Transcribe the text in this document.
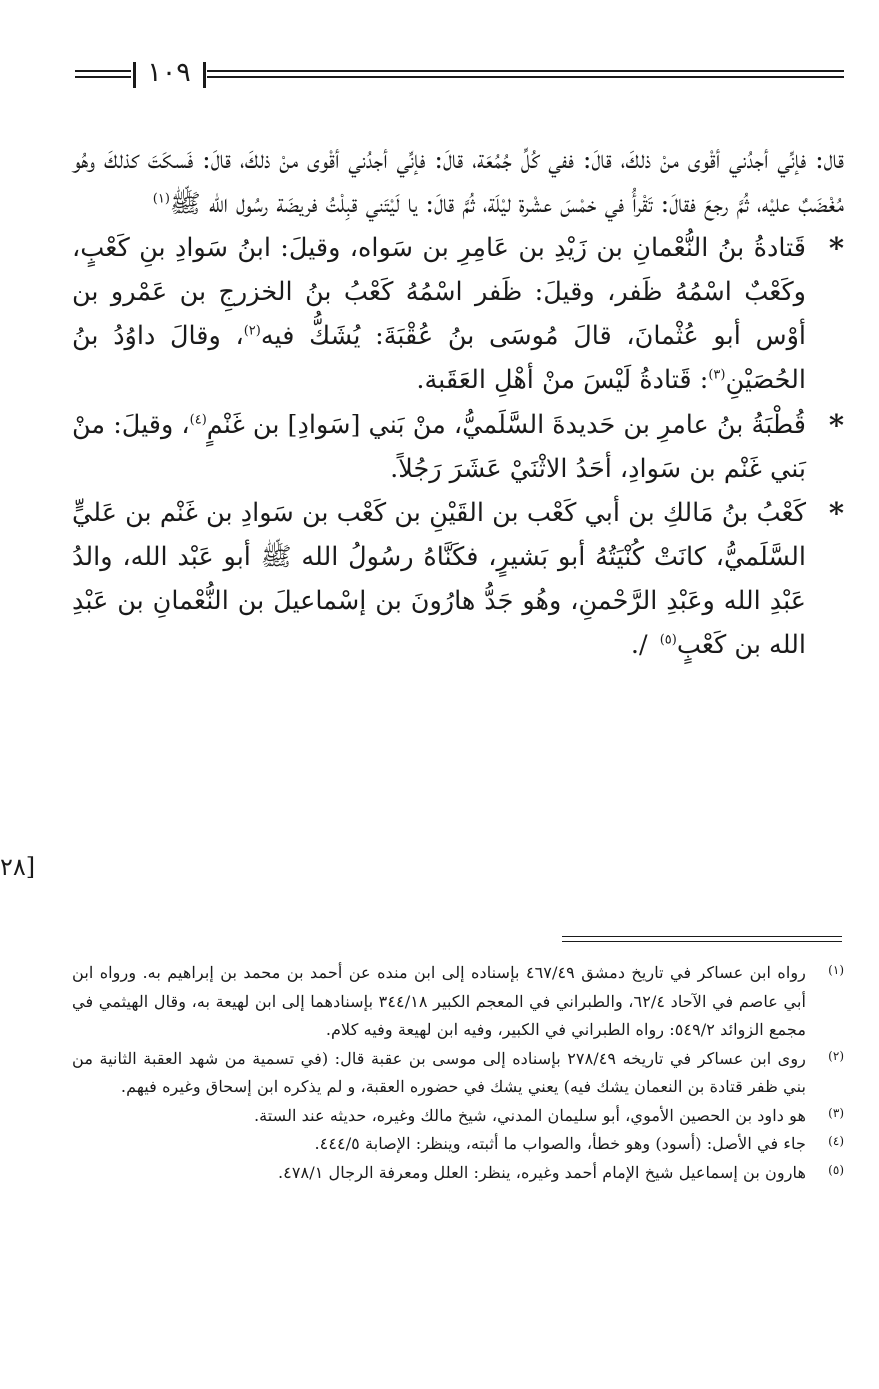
١٠٩

قال: فإنِّي أجدُني أقْوى منْ ذلكَ، قالَ: ففي كُلِّ جُمُعَة، قالَ: فإنِّي أجدُني أقْوى منْ ذلكَ، قالَ: فَسكَتَ كذلكَ وهُو مُغْضَبٌ عليْه، ثُمَّ رجعَ فقالَ: تَقْرأُ في خمْسَ عشْرة ليْلَة، ثُمَّ قالَ: يا لَيْتَني قبِلْتُ فريضَة رسُول الله ﷺ$^{(١)}$

*
قَتادةُ بنُ النُّعْمانِ بن زَيْدِ بن عَامِرِ بن سَواه، وقيلَ: ابنُ سَوادِ بنِ كَعْبٍ، وكَعْبٌ اسْمُهُ ظَفر، وقيلَ: ظَفر اسْمُهُ كَعْبُ بنُ الخزرجِ بن عَمْرو بن أوْس أبو عُثْمانَ، قالَ مُوسَى بنُ عُقْبَةَ: يُشَكُّ فيه$^{(٢)}$، وقالَ داوُدُ بنُ الحُصَيْنِ$^{(٣)}$: قَتادةُ لَيْسَ منْ أهْلِ العَقَبة.

*
قُطْبَةُ بنُ عامرِ بن حَديدةَ السَّلَميُّ، منْ بَني [سَوادِ] بن غَنْمٍ$^{(٤)}$، وقيلَ: منْ بَني غَنْم بن سَوادِ، أحَدُ الاثْنَيْ عَشَرَ رَجُلاً.

*
كَعْبُ بنُ مَالكِ بن أبي كَعْب بن القَيْنِ بن كَعْب بن سَوادِ بن غَنْم بن عَليٍّ السَّلَميُّ، كانَتْ كُنْيَتُهُ أبو بَشيرٍ، فكَنَّاهُ رسُولُ الله ﷺ أبو عَبْد الله، والدُ عَبْدِ الله وعَبْدِ الرَّحْمنِ، وهُو جَدُّ هارُونَ بن إسْماعيلَ بن النُّعْمانِ بن عَبْدِ الله بن كَعْبٍ$^{(٥)}$ /.

[٢٨

(١)
رواه ابن عساكر في تاريخ دمشق ٤٦٧/٤٩ بإسناده إلى ابن منده عن أحمد بن محمد بن إبراهيم به. ورواه ابن أبي عاصم في الآحاد ٦٢/٤، والطبراني في المعجم الكبير ٣٤٤/١٨ بإسنادهما إلى ابن لهيعة به، وقال الهيثمي في مجمع الزوائد ٥٤٩/٢: رواه الطبراني في الكبير، وفيه ابن لهيعة وفيه كلام.

(٢)
روى ابن عساكر في تاريخه ٢٧٨/٤٩ بإسناده إلى موسى بن عقبة قال: (في تسمية من شهد العقبة الثانية من بني ظفر قتادة بن النعمان يشك فيه) يعني يشك في حضوره العقبة، و لم يذكره ابن إسحاق وغيره فيهم.

(٣)
هو داود بن الحصين الأموي، أبو سليمان المدني، شيخ مالك وغيره، حديثه عند الستة.

(٤)
جاء في الأصل: (أسود) وهو خطأ، والصواب ما أثبته، وينظر: الإصابة ٤٤٤/٥.

(٥)
هارون بن إسماعيل شيخ الإمام أحمد وغيره، ينظر: العلل ومعرفة الرجال ٤٧٨/١.
